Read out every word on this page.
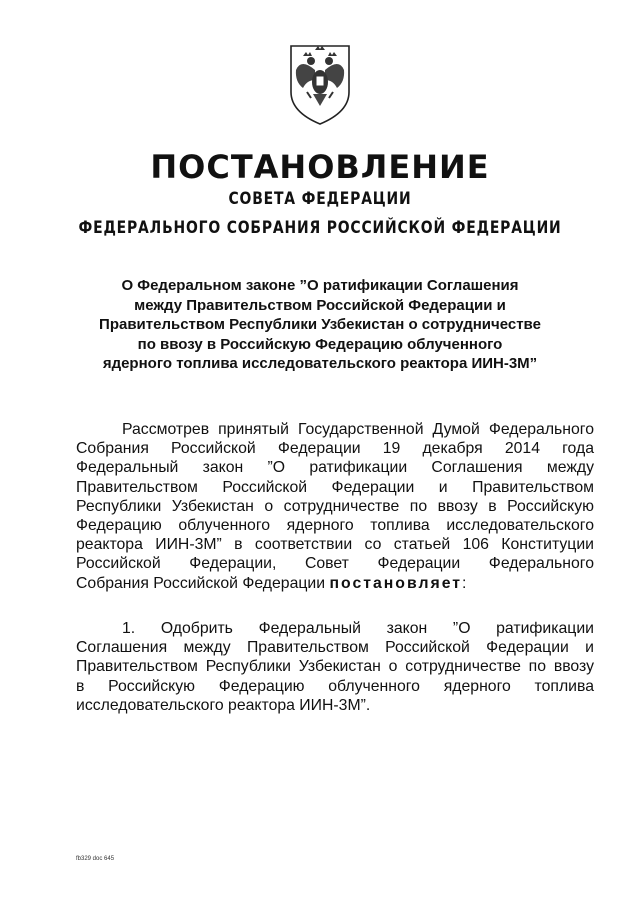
ПОСТАНОВЛЕНИЕ
СОВЕТА ФЕДЕРАЦИИ
ФЕДЕРАЛЬНОГО СОБРАНИЯ РОССИЙСКОЙ ФЕДЕРАЦИИ
О Федеральном законе ”О ратификации Соглашения
между Правительством Российской Федерации и
Правительством Республики Узбекистан о сотрудничестве
по ввозу в Российскую Федерацию облученного
ядерного топлива исследовательского реактора ИИН-3М”
Рассмотрев принятый Государственной Думой Федерального
Собрания Российской Федерации 19 декабря 2014 года
Федеральный закон ”О ратификации Соглашения между
Правительством Российской Федерации и Правительством
Республики Узбекистан о сотрудничестве по ввозу в Российскую
Федерацию облученного ядерного топлива исследовательского
реактора ИИН-3М” в соответствии со статьей 106 Конституции
Российской Федерации, Совет Федерации Федерального
Собрания Российской Федерации постановляет:
1. Одобрить Федеральный закон ”О ратификации
Соглашения между Правительством Российской Федерации и
Правительством Республики Узбекистан о сотрудничестве по ввозу
в Российскую Федерацию облученного ядерного топлива
исследовательского реактора ИИН-3М”.
fb329 doc 645
